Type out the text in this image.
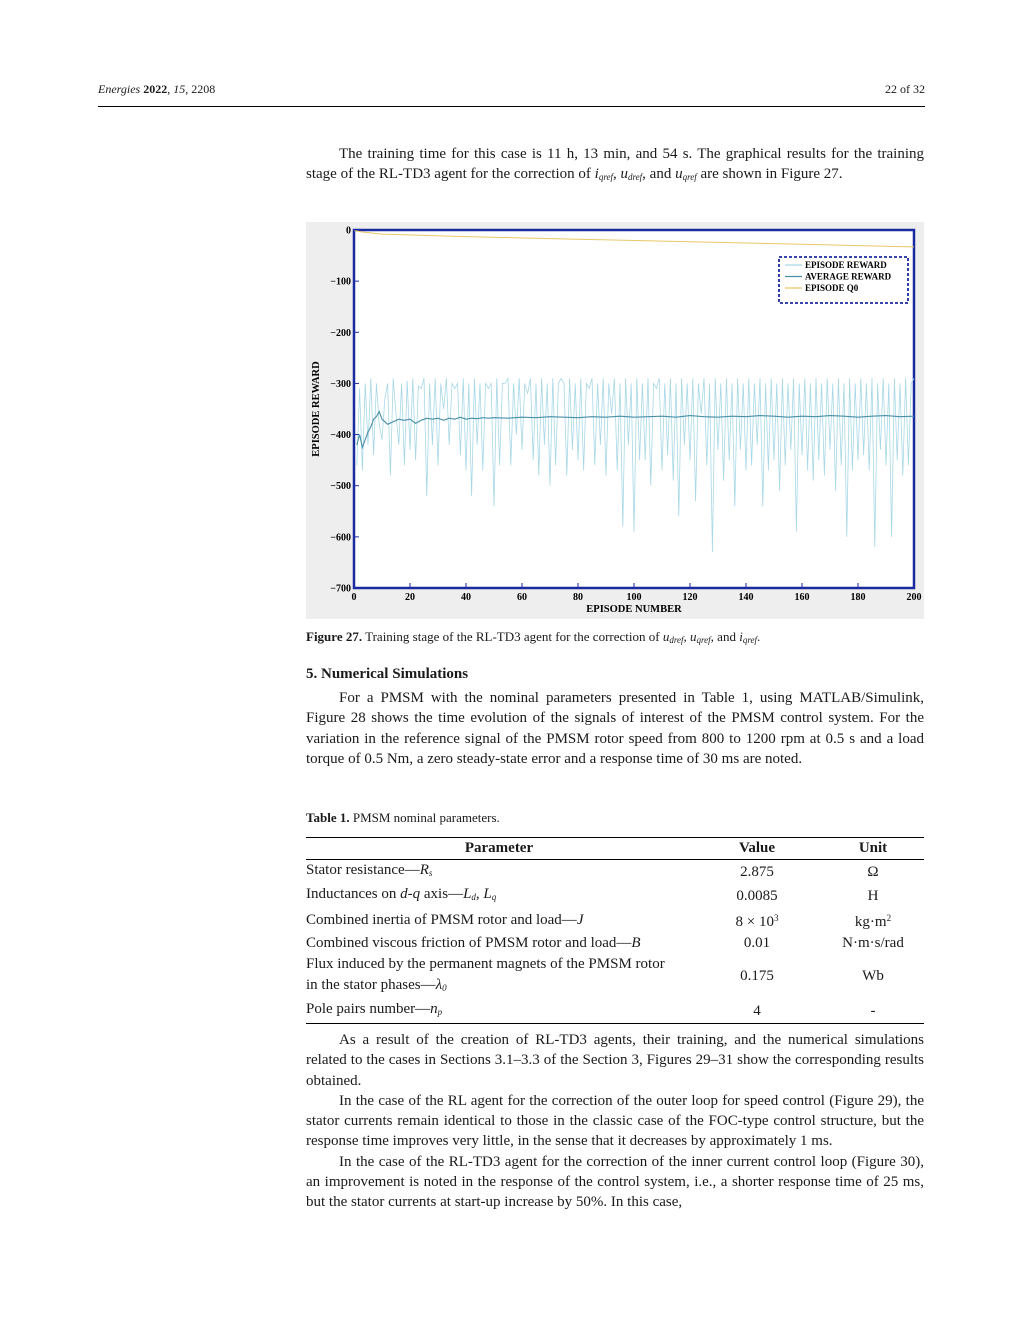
Energies 2022, 15, 2208	22 of 32

The training time for this case is 11 h, 13 min, and 54 s. The graphical results for the training stage of the RL-TD3 agent for the correction of $i_{qref}$, $u_{dref}$, and $u_{qref}$ are shown in Figure 27.

0	20	40	60	80	100	120	140	160	180	200
0
−100
−200
−300
−400
−500
−600
−700
EPISODE NUMBER
EPISODE REWARD
EPISODE REWARD
AVERAGE REWARD
EPISODE Q0
Figure 27. Training stage of the RL-TD3 agent for the correction of $u_{dref}$, $u_{qref}$, and $i_{qref}$.
5. Numerical Simulations

For a PMSM with the nominal parameters presented in Table 1, using MATLAB/Simulink, Figure 28 shows the time evolution of the signals of interest of the PMSM control system. For the variation in the reference signal of the PMSM rotor speed from 800 to 1200 rpm at 0.5 s and a load torque of 0.5 Nm, a zero steady-state error and a response time of 30 ms are noted.

Table 1. PMSM nominal parameters.
Parameter	Value	Unit
Stator $resistance—R_s$	2.875	Ω
Inductances on d-q $axis—L_d$, $L_q$	0.0085	H
Combined inertia of PMSM rotor and load—J	$8 \times 10^3$	$kg\cdot m^2$
Combined viscous friction of PMSM rotor and load—B	0.01	N·m·s/rad
Flux induced by the permanent magnets of the PMSM rotor in the stator $phases—\lambda_0$	0.175	Wb
Pole pairs $number—n_p$	4	-

As a result of the creation of RL-TD3 agents, their training, and the numerical simulations related to the cases in Sections 3.1–3.3 of the Section 3, Figures 29–31 show the corresponding results obtained.

In the case of the RL agent for the correction of the outer loop for speed control (Figure 29), the stator currents remain identical to those in the classic case of the FOC-type control structure, but the response time improves very little, in the sense that it decreases by approximately 1 ms.

In the case of the RL-TD3 agent for the correction of the inner current control loop (Figure 30), an improvement is noted in the response of the control system, i.e., a shorter response time of 25 ms, but the stator currents at start-up increase by 50%. In this case,
